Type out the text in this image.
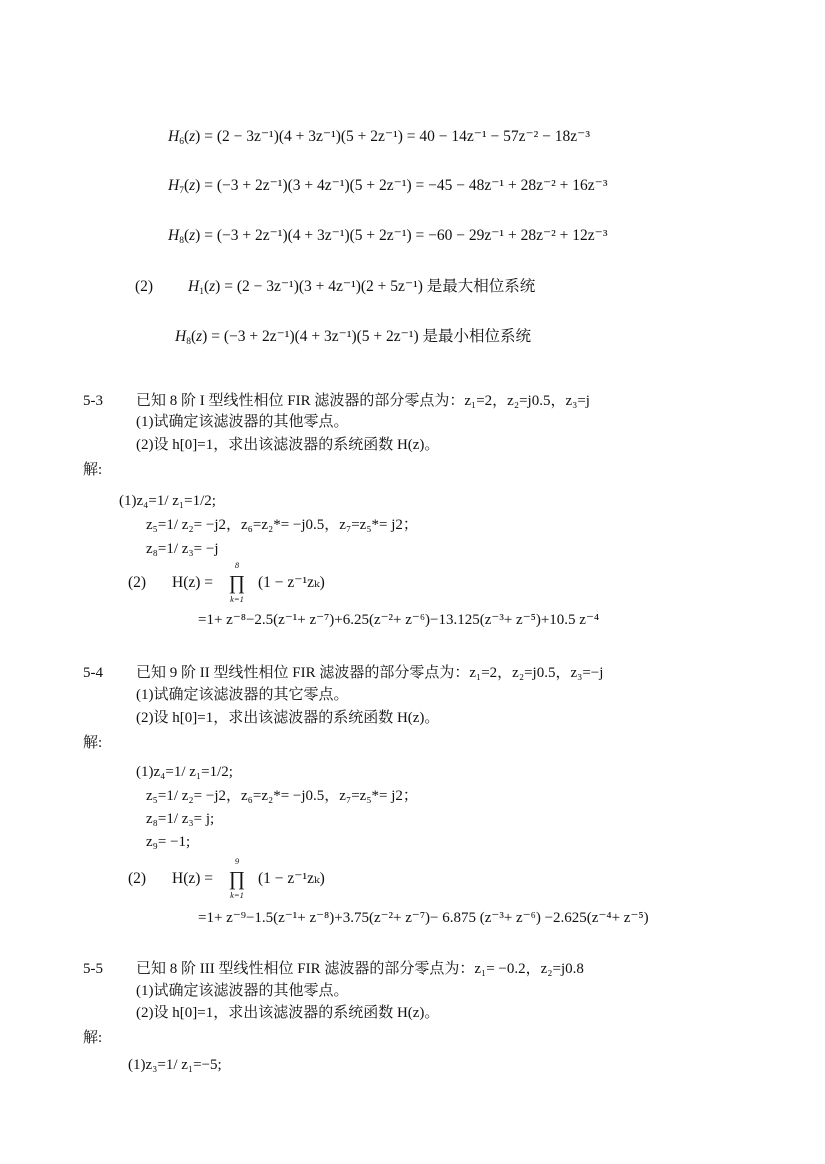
$H_6(z) = (2 - 3z^{-1})(4 + 3z^{-1})(5 + 2z^{-1}) = 40 - 14z^{-1} - 57z^{-2} - 18z^{-3}$
$H_7(z) = (-3 + 2z^{-1})(3 + 4z^{-1})(5 + 2z^{-1}) = -45 - 48z^{-1} + 28z^{-2} + 16z^{-3}$
$H_8(z) = (-3 + 2z^{-1})(4 + 3z^{-1})(5 + 2z^{-1}) = -60 - 29z^{-1} + 28z^{-2} + 12z^{-3}$
(2) $H_1(z) = (2 - 3z^{-1})(3 + 4z^{-1})(2 + 5z^{-1})$ 是最大相位系统
$H_8(z) = (-3 + 2z^{-1})(4 + 3z^{-1})(5 + 2z^{-1})$ 是最小相位系统
5-3 已知 8 阶 I 型线性相位 FIR 滤波器的部分零点为：z₁=2，z₂=j0.5，z₃=j
(1)试确定该滤波器的其他零点。
(2)设 h[0]=1，求出该滤波器的系统函数 H(z)。
解:
(1)z₄=1/ z₁=1/2;
z₅=1/ z₂= −j2，z₆=z₂*= −j0.5，z₇=z₅*= j2；
z₈=1/ z₃= −j
(2) H(z) =
8
∏
k=1
(1 − z⁻¹zₖ)
=1+ z⁻⁸−2.5(z⁻¹+ z⁻⁷)+6.25(z⁻²+ z⁻⁶)−13.125(z⁻³+ z⁻⁵)+10.5 z⁻⁴
5-4 已知 9 阶 II 型线性相位 FIR 滤波器的部分零点为：z₁=2，z₂=j0.5，z₃=−j
(1)试确定该滤波器的其它零点。
(2)设 h[0]=1，求出该滤波器的系统函数 H(z)。
解:
(1)z₄=1/ z₁=1/2;
z₅=1/ z₂= −j2，z₆=z₂*= −j0.5，z₇=z₅*= j2；
z₈=1/ z₃= j;
z₉= −1;
(2) H(z) =
9
∏
k=1
(1 − z⁻¹zₖ)
=1+ z⁻⁹−1.5(z⁻¹+ z⁻⁸)+3.75(z⁻²+ z⁻⁷)− 6.875 (z⁻³+ z⁻⁶) −2.625(z⁻⁴+ z⁻⁵)
5-5 已知 8 阶 III 型线性相位 FIR 滤波器的部分零点为：z₁= −0.2，z₂=j0.8
(1)试确定该滤波器的其他零点。
(2)设 h[0]=1，求出该滤波器的系统函数 H(z)。
解:
(1)z₃=1/ z₁=−5;
